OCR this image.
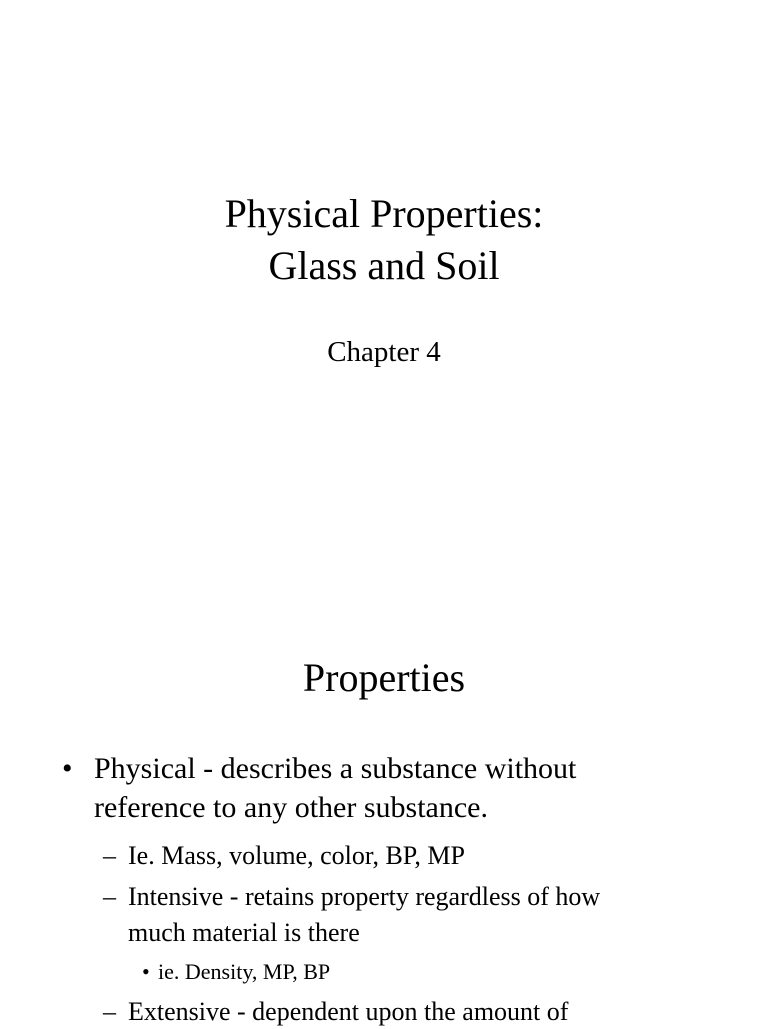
Physical Properties:
Glass and Soil
Chapter 4
Properties
• Physical - describes a substance without
reference to any other substance.
– Ie. Mass, volume, color, BP, MP
– Intensive - retains property regardless of how
much material is there
• ie. Density, MP, BP
– Extensive - dependent upon the amount of
